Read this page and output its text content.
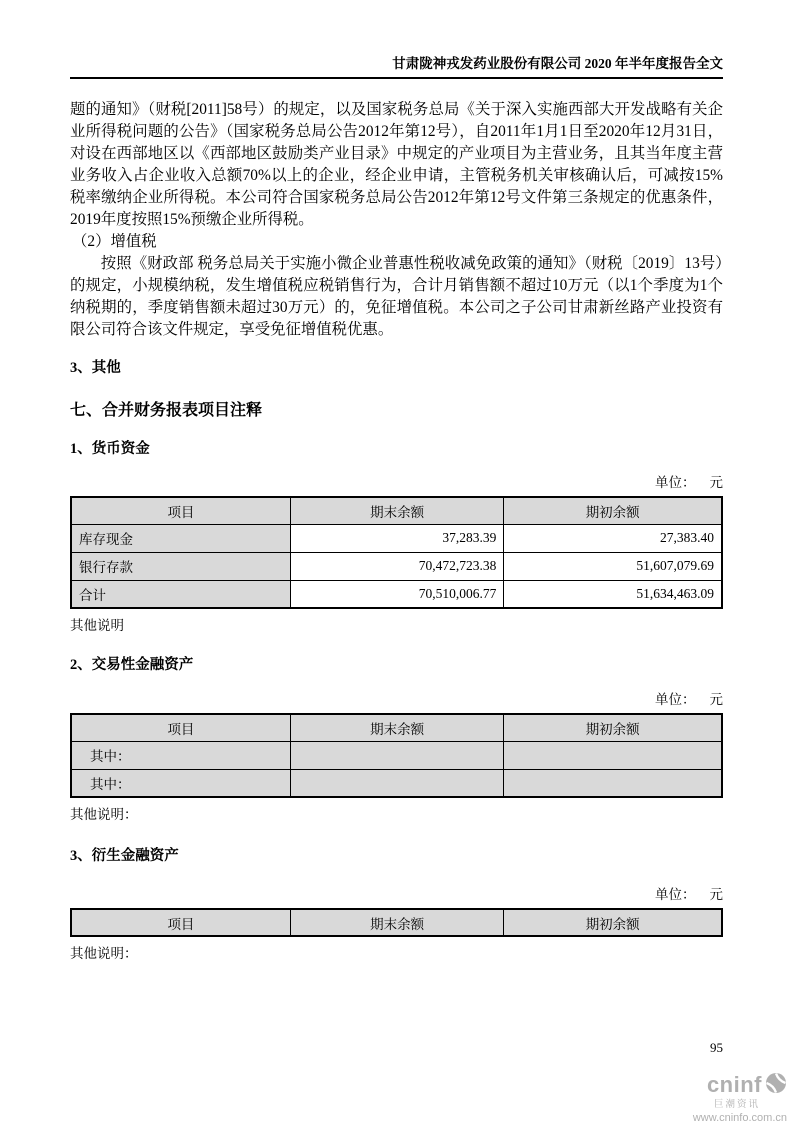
甘肃陇神戎发药业股份有限公司 2020 年半年度报告全文
题的通知》（财税[2011]58号）的规定，以及国家税务总局《关于深入实施西部大开发战略有关企业所得税问题的公告》（国家税务总局公告2012年第12号），自2011年1月1日至2020年12月31日，对设在西部地区以《西部地区鼓励类产业目录》中规定的产业项目为主营业务，且其当年度主营业务收入占企业收入总额70%以上的企业，经企业申请，主管税务机关审核确认后，可减按15%税率缴纳企业所得税。本公司符合国家税务总局公告2012年第12号文件第三条规定的优惠条件，2019年度按照15%预缴企业所得税。
（2）增值税
按照《财政部 税务总局关于实施小微企业普惠性税收减免政策的通知》（财税〔2019〕13号）的规定，小规模纳税，发生增值税应税销售行为，合计月销售额不超过10万元（以1个季度为1个纳税期的，季度销售额未超过30万元）的，免征增值税。本公司之子公司甘肃新丝路产业投资有限公司符合该文件规定，享受免征增值税优惠。
3、其他
七、合并财务报表项目注释
1、货币资金
单位： 元
项目	期末余额	期初余额
库存现金	37,283.39	27,383.40
银行存款	70,472,723.38	51,607,079.69
合计	70,510,006.77	51,634,463.09
其他说明
2、交易性金融资产
单位： 元
项目	期末余额	期初余额
其中：		
其中：		
其他说明：
3、衍生金融资产
单位： 元
项目	期末余额	期初余额
其他说明：
95
cninf
巨潮资讯
www.cninfo.com.cn
